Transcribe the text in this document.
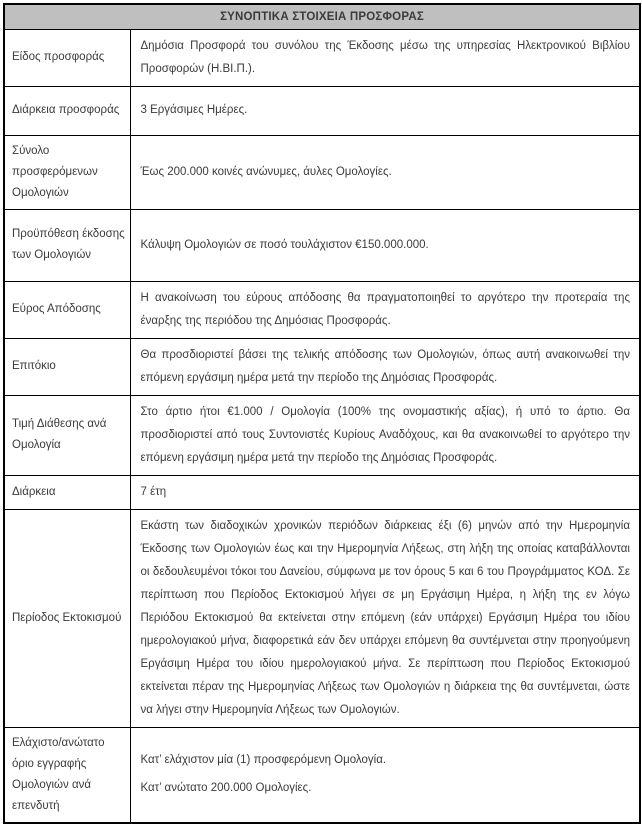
ΣΥΝΟΠΤΙΚΑ ΣΤΟΙΧΕΙΑ ΠΡΟΣΦΟΡΑΣ	
Είδος προσφοράς	Δημόσια Προσφορά του συνόλου της Έκδοσης μέσω της υπηρεσίας Ηλεκτρονικού Βιβλίου Προσφορών (Η.ΒΙ.Π.).
Διάρκεια προσφοράς	3 Εργάσιμες Ημέρες.
Σύνολο προσφερόμενων Ομολογιών	Έως 200.000 κοινές ανώνυμες, άυλες Ομολογίες.
Προϋπόθεση έκδοσης των Ομολογιών	Κάλυψη Ομολογιών σε ποσό τουλάχιστον €150.000.000.
Εύρος Απόδοσης	Η ανακοίνωση του εύρους απόδοσης θα πραγματοποιηθεί το αργότερο την προτεραία της έναρξης της περιόδου της Δημόσιας Προσφοράς.
Επιτόκιο	Θα προσδιοριστεί βάσει της τελικής απόδοσης των Ομολογιών, όπως αυτή ανακοινωθεί την επόμενη εργάσιμη ημέρα μετά την περίοδο της Δημόσιας Προσφοράς.
Τιμή Διάθεσης ανά Ομολογία	Στο άρτιο ήτοι €1.000 / Ομολογία (100% της ονομαστικής αξίας), ή υπό το άρτιο. Θα προσδιοριστεί από τους Συντονιστές Κυρίους Αναδόχους, και θα ανακοινωθεί το αργότερο την επόμενη εργάσιμη ημέρα μετά την περίοδο της Δημόσιας Προσφοράς.
Διάρκεια	7 έτη
Περίοδος Εκτοκισμού	Εκάστη των διαδοχικών χρονικών περιόδων διάρκειας έξι (6) μηνών από την Ημερομηνία Έκδοσης των Ομολογιών έως και την Ημερομηνία Λήξεως, στη λήξη της οποίας καταβάλλονται οι δεδουλευμένοι τόκοι του Δανείου, σύμφωνα με τον όρους 5 και 6 του Προγράμματος ΚΟΔ. Σε περίπτωση που Περίοδος Εκτοκισμού λήγει σε μη Εργάσιμη Ημέρα, η λήξη της εν λόγω Περιόδου Εκτοκισμού θα εκτείνεται στην επόμενη (εάν υπάρχει) Εργάσιμη Ημέρα του ιδίου ημερολογιακού μήνα, διαφορετικά εάν δεν υπάρχει επόμενη θα συντέμνεται στην προηγούμενη Εργάσιμη Ημέρα του ιδίου ημερολογιακού μήνα. Σε περίπτωση που Περίοδος Εκτοκισμού εκτείνεται πέραν της Ημερομηνίας Λήξεως των Ομολογιών η διάρκεια της θα συντέμνεται, ώστε να λήγει στην Ημερομηνία Λήξεως των Ομολογιών.
Ελάχιστο/ανώτατο όριο εγγραφής Ομολογιών ανά επενδυτή	Κατ’ ελάχιστον μία (1) προσφερόμενη Ομολογία.

Κατ’ ανώτατο 200.000 Ομολογίες.
